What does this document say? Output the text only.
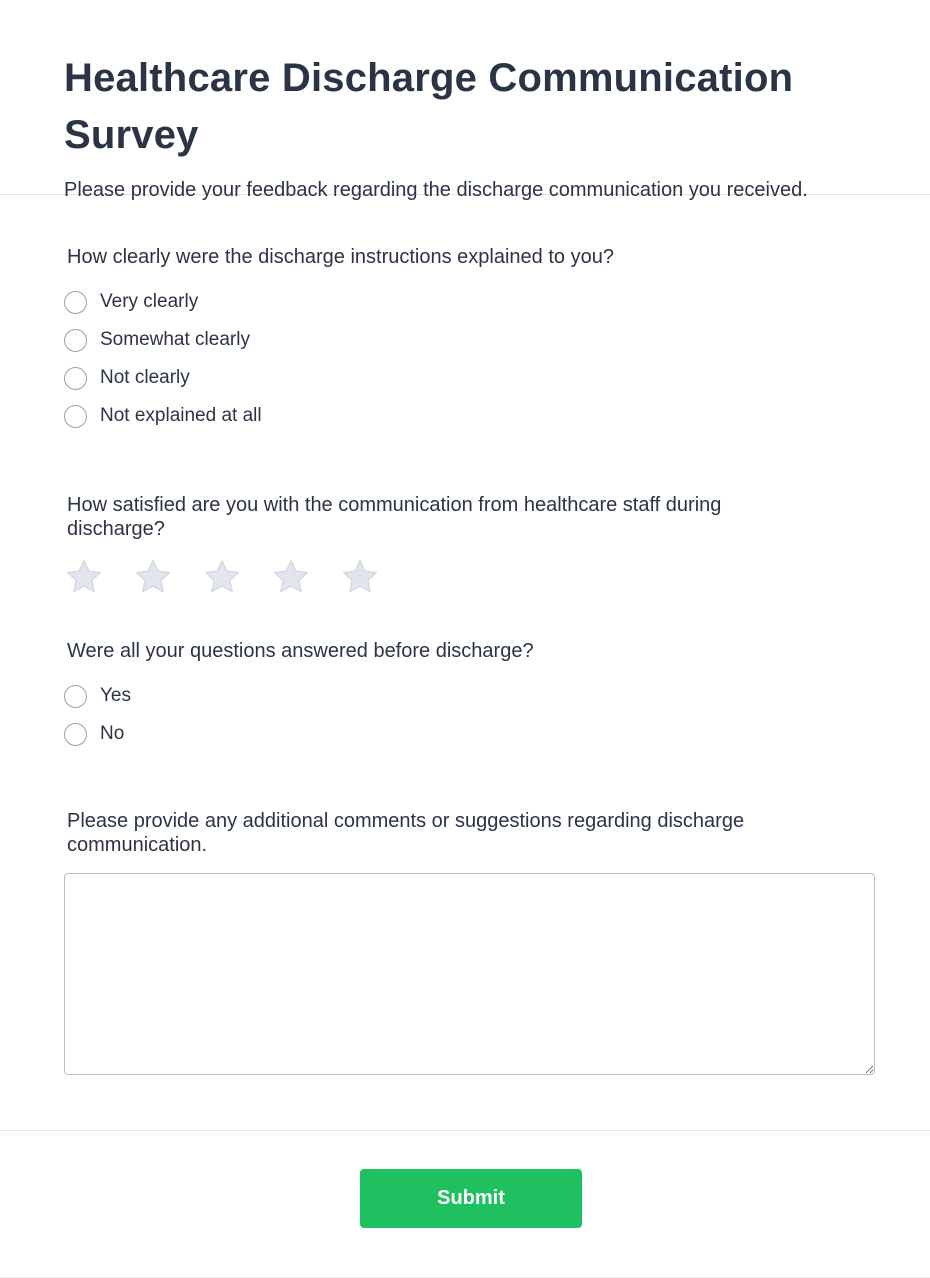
Healthcare Discharge Communication Survey

Please provide your feedback regarding the discharge communication you received.

How clearly were the discharge instructions explained to you?
Very clearly
Somewhat clearly
Not clearly
Not explained at all
How satisfied are you with the communication from healthcare staff during discharge?
Were all your questions answered before discharge?
Yes
No
Please provide any additional comments or suggestions regarding discharge communication.
Submit
